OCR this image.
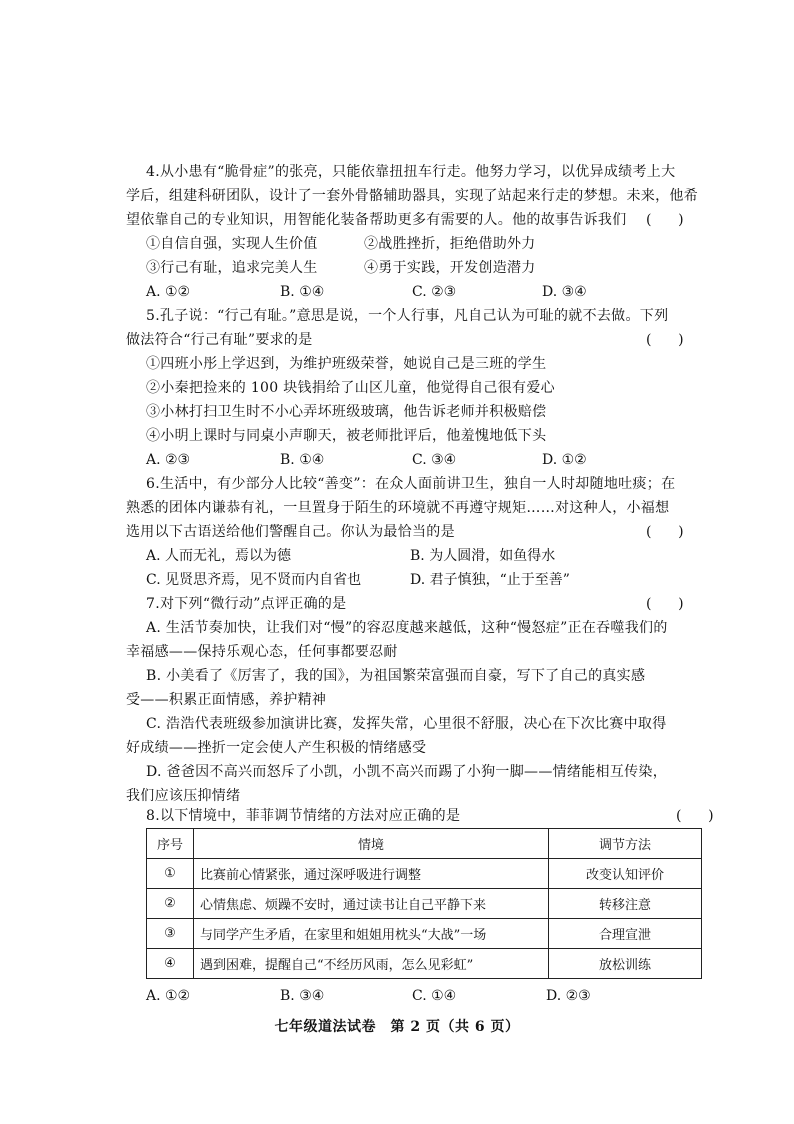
4.从小患有“脆骨症”的张亮，只能依靠扭扭车行走。他努力学习，以优异成绩考上大
学后，组建科研团队，设计了一套外骨骼辅助器具，实现了站起来行走的梦想。未来，他希
望依靠自己的专业知识，用智能化装备帮助更多有需要的人。他的故事告诉我们 (      )
①自信自强，实现人生价值	②战胜挫折，拒绝借助外力
③行己有耻，追求完美人生	④勇于实践，开发创造潜力
A. ①②	B. ①④	C. ②③	D. ③④
5.孔子说：“行己有耻。”意思是说，一个人行事，凡自己认为可耻的就不去做。下列
做法符合“行己有耻”要求的是	(      )
①四班小彤上学迟到，为维护班级荣誉，她说自己是三班的学生
②小秦把捡来的 100 块钱捐给了山区儿童，他觉得自己很有爱心
③小林打扫卫生时不小心弄坏班级玻璃，他告诉老师并积极赔偿
④小明上课时与同桌小声聊天，被老师批评后，他羞愧地低下头
A. ②③	B. ①④	C. ③④	D. ①②
6.生活中，有少部分人比较“善变”：在众人面前讲卫生，独自一人时却随地吐痰；在
熟悉的团体内谦恭有礼，一旦置身于陌生的环境就不再遵守规矩……对这种人，小福想
选用以下古语送给他们警醒自己。你认为最恰当的是	(      )
A. 人而无礼，焉以为德	B. 为人圆滑，如鱼得水
C. 见贤思齐焉，见不贤而内自省也	D. 君子慎独，“止于至善”
7.对下列“微行动”点评正确的是	(      )
A. 生活节奏加快，让我们对“慢”的容忍度越来越低，这种“慢怒症”正在吞噬我们的
幸福感——保持乐观心态，任何事都要忍耐
B. 小美看了《厉害了，我的国》，为祖国繁荣富强而自豪，写下了自己的真实感
受——积累正面情感，养护精神
C. 浩浩代表班级参加演讲比赛，发挥失常，心里很不舒服，决心在下次比赛中取得
好成绩——挫折一定会使人产生积极的情绪感受
D. 爸爸因不高兴而怒斥了小凯，小凯不高兴而踢了小狗一脚——情绪能相互传染，
我们应该压抑情绪
8.以下情境中，菲菲调节情绪的方法对应正确的是	(      )
序号	情境	调节方法
①	比赛前心情紧张，通过深呼吸进行调整	改变认知评价
②	心情焦虑、烦躁不安时，通过读书让自己平静下来	转移注意
③	与同学产生矛盾，在家里和姐姐用枕头“大战”一场	合理宣泄
④	遇到困难，提醒自己“不经历风雨，怎么见彩虹”	放松训练
A. ①②	B. ③④	C. ①④	D. ②③
七年级道法试卷　第 2 页（共 6 页）
